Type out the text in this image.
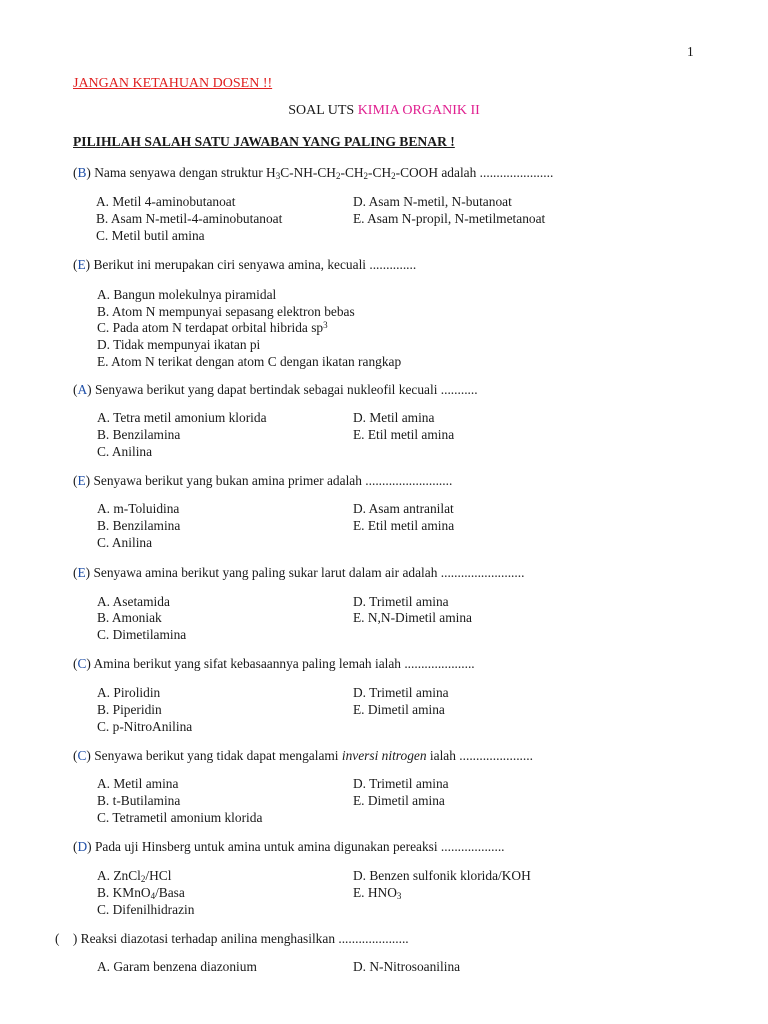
1
JANGAN KETAHUAN DOSEN !!
SOAL UTS KIMIA ORGANIK II
PILIHLAH SALAH SATU JAWABAN YANG PALING BENAR !
(B) Nama senyawa dengan struktur $H_3C-NH-CH_2-CH_2-CH_2$-COOH adalah ......................
A. Metil 4-aminobutanoat
B. Asam N-metil-4-aminobutanoat
C. Metil butil amina
D. Asam N-metil, N-butanoat
E. Asam N-propil, N-metilmetanoat
(E) Berikut ini merupakan ciri senyawa amina, kecuali ..............
A. Bangun molekulnya piramidal
B. Atom N mempunyai sepasang elektron bebas
C. Pada atom N terdapat orbital hibrida $sp^3$
D. Tidak mempunyai ikatan pi
E. Atom N terikat dengan atom C dengan ikatan rangkap
(A) Senyawa berikut yang dapat bertindak sebagai nukleofil kecuali ...........
A. Tetra metil amonium klorida
B. Benzilamina
C. Anilina
D. Metil amina
E. Etil metil amina
(E) Senyawa berikut yang bukan amina primer adalah ..........................
A. m-Toluidina
B. Benzilamina
C. Anilina
D. Asam antranilat
E. Etil metil amina
(E) Senyawa amina berikut yang paling sukar larut dalam air adalah .........................
A. Asetamida
B. Amoniak
C. Dimetilamina
D. Trimetil amina
E. N,N-Dimetil amina
(C) Amina berikut yang sifat kebasaannya paling lemah ialah .....................
A. Pirolidin
B. Piperidin
C. p-NitroAnilina
D. Trimetil amina
E. Dimetil amina
(C) Senyawa berikut yang tidak dapat mengalami inversi nitrogen ialah ......................
A. Metil amina
B. t-Butilamina
C. Tetrametil amonium klorida
D. Trimetil amina
E. Dimetil amina
(D) Pada uji Hinsberg untuk amina untuk amina digunakan pereaksi ...................
A. ZnCl$_2$/HCl
B. KMnO$_4$/Basa
C. Difenilhidrazin
D. Benzen sulfonik klorida/KOH
E. $HNO_3$
( ) Reaksi diazotasi terhadap anilina menghasilkan .....................
A. Garam benzena diazonium	D. N-Nitrosoanilina
